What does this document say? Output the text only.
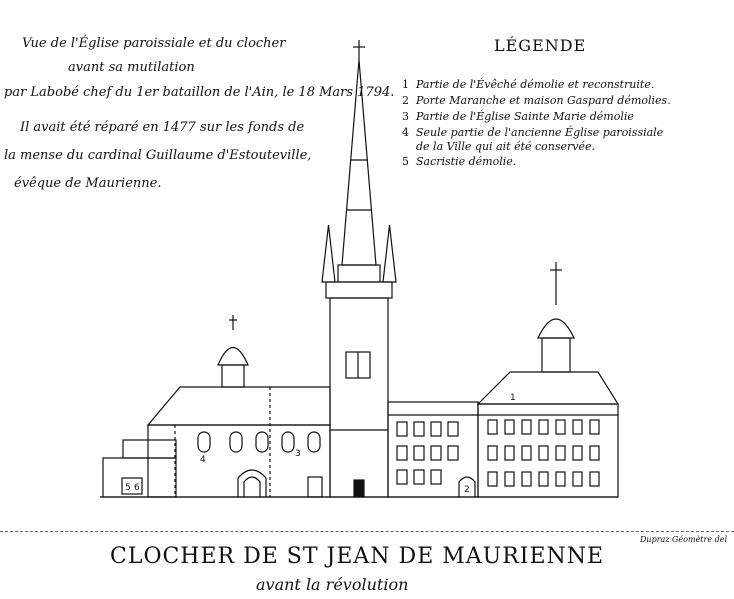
Vue de l'Église paroissiale et du clocher
avant sa mutilation
par Labobé chef du 1er bataillon de l'Ain, le 18 Mars 1794.
Il avait été réparé en 1477 sur les fonds de
la mense du cardinal Guillaume d'Estouteville,
évêque de Maurienne.
LÉGENDE
1 Partie de l'Évêché démolie et reconstruite.
2 Porte Maranche et maison Gaspard démolies.
3 Partie de l'Église Sainte Marie démolie
4 Seule partie de l'ancienne Église paroissiale
de la Ville qui ait été conservée.
5 Sacristie démolie.
1
2
3
4
5 6
Dupraz Géomètre del
CLOCHER DE ST JEAN DE MAURIENNE
avant la révolution
